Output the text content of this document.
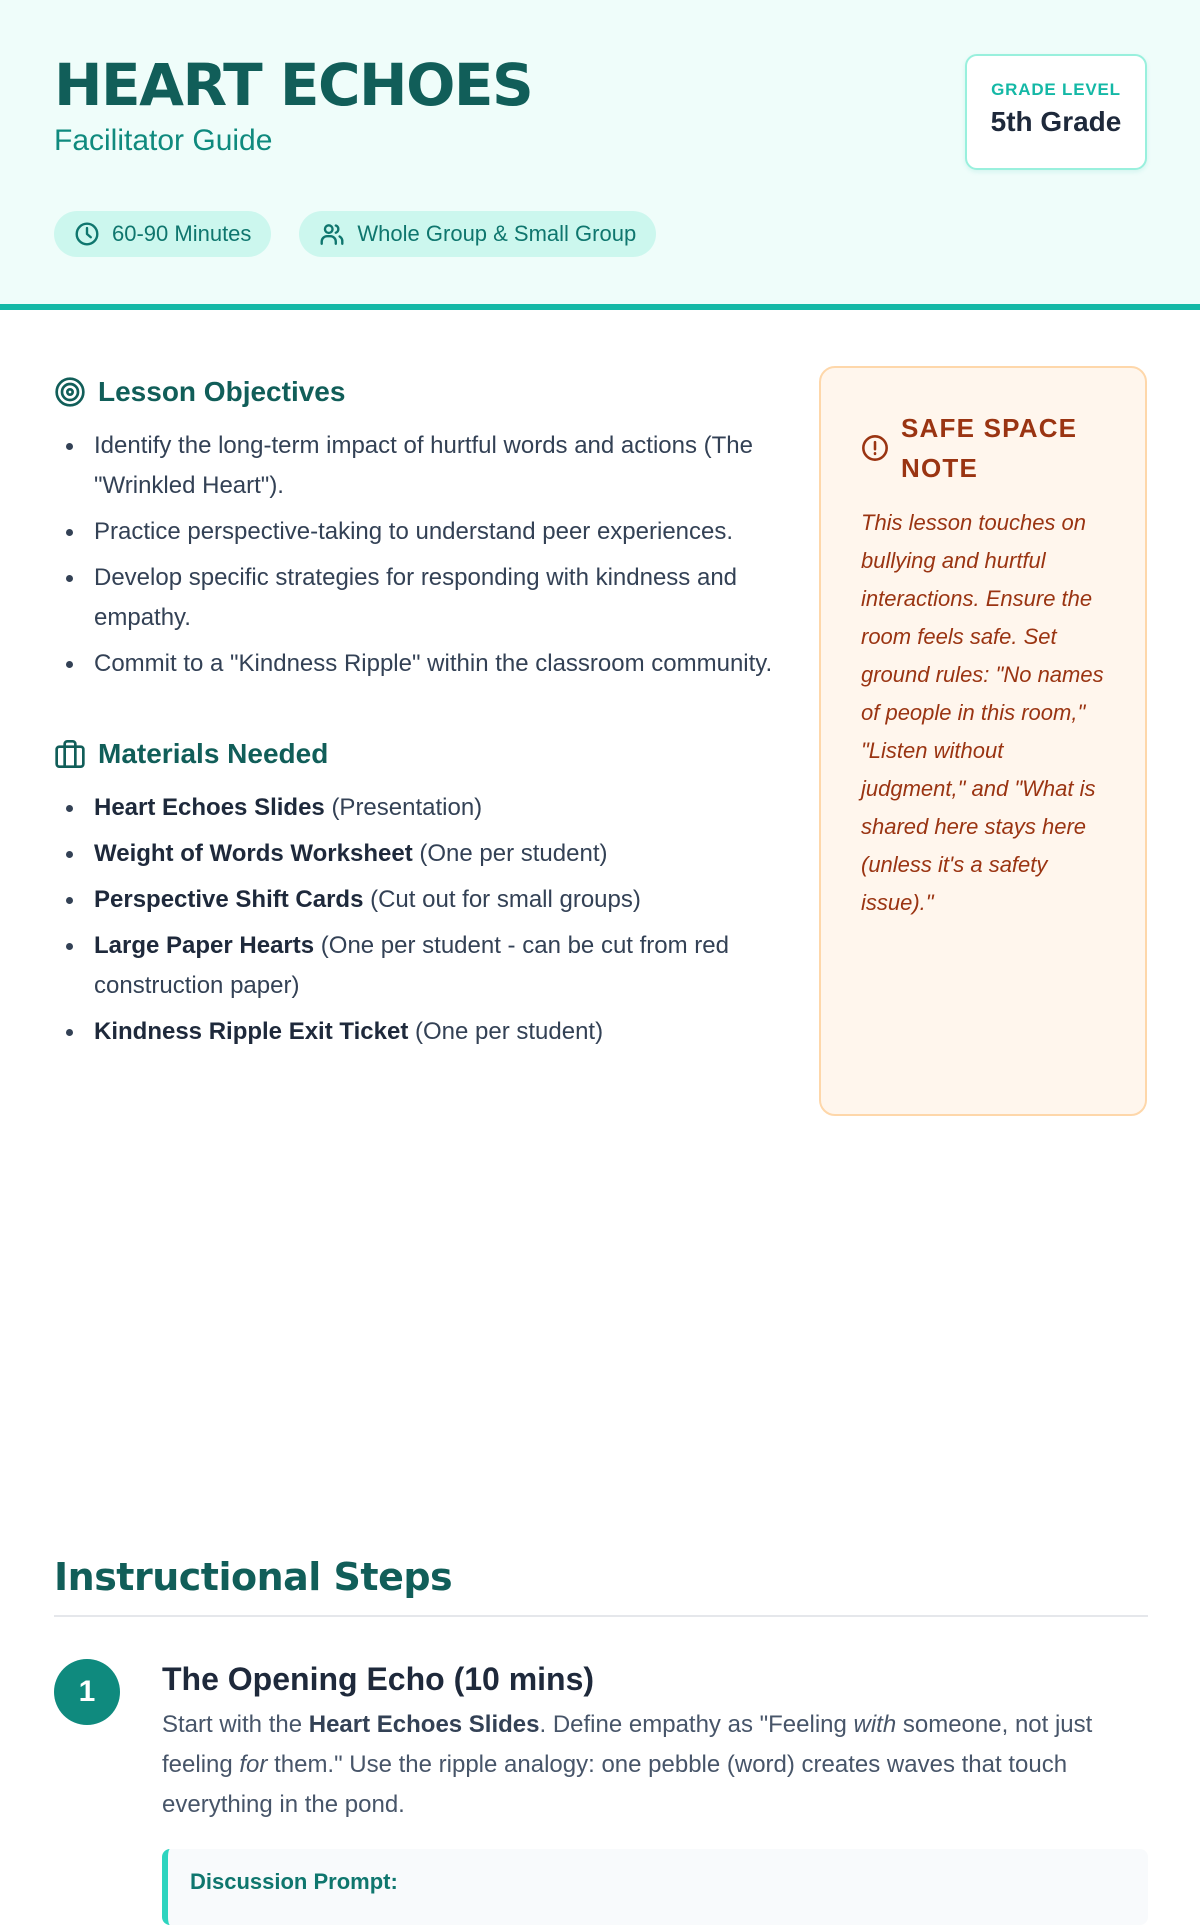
HEART ECHOES
Facilitator Guide
60-90 Minutes	Whole Group & Small Group
GRADE LEVEL
5th Grade
Lesson Objectives
Identify the long-term impact of hurtful words and actions (The "Wrinkled Heart").
Practice perspective-taking to understand peer experiences.
Develop specific strategies for responding with kindness and empathy.
Commit to a "Kindness Ripple" within the classroom community.
Materials Needed
Heart Echoes Slides (Presentation)
Weight of Words Worksheet (One per student)
Perspective Shift Cards (Cut out for small groups)
Large Paper Hearts (One per student - can be cut from red construction paper)
Kindness Ripple Exit Ticket (One per student)
SAFE SPACE NOTE

This lesson touches on bullying and hurtful interactions. Ensure the room feels safe. Set ground rules: "No names of people in this room," "Listen without judgment," and "What is shared here stays here (unless it's a safety issue)."

Instructional Steps
1	The Opening Echo (10 mins)

Start with the Heart Echoes Slides. Define empathy as "Feeling with someone, not just feeling for them." Use the ripple analogy: one pebble (word) creates waves that touch everything in the pond.

Discussion Prompt:
